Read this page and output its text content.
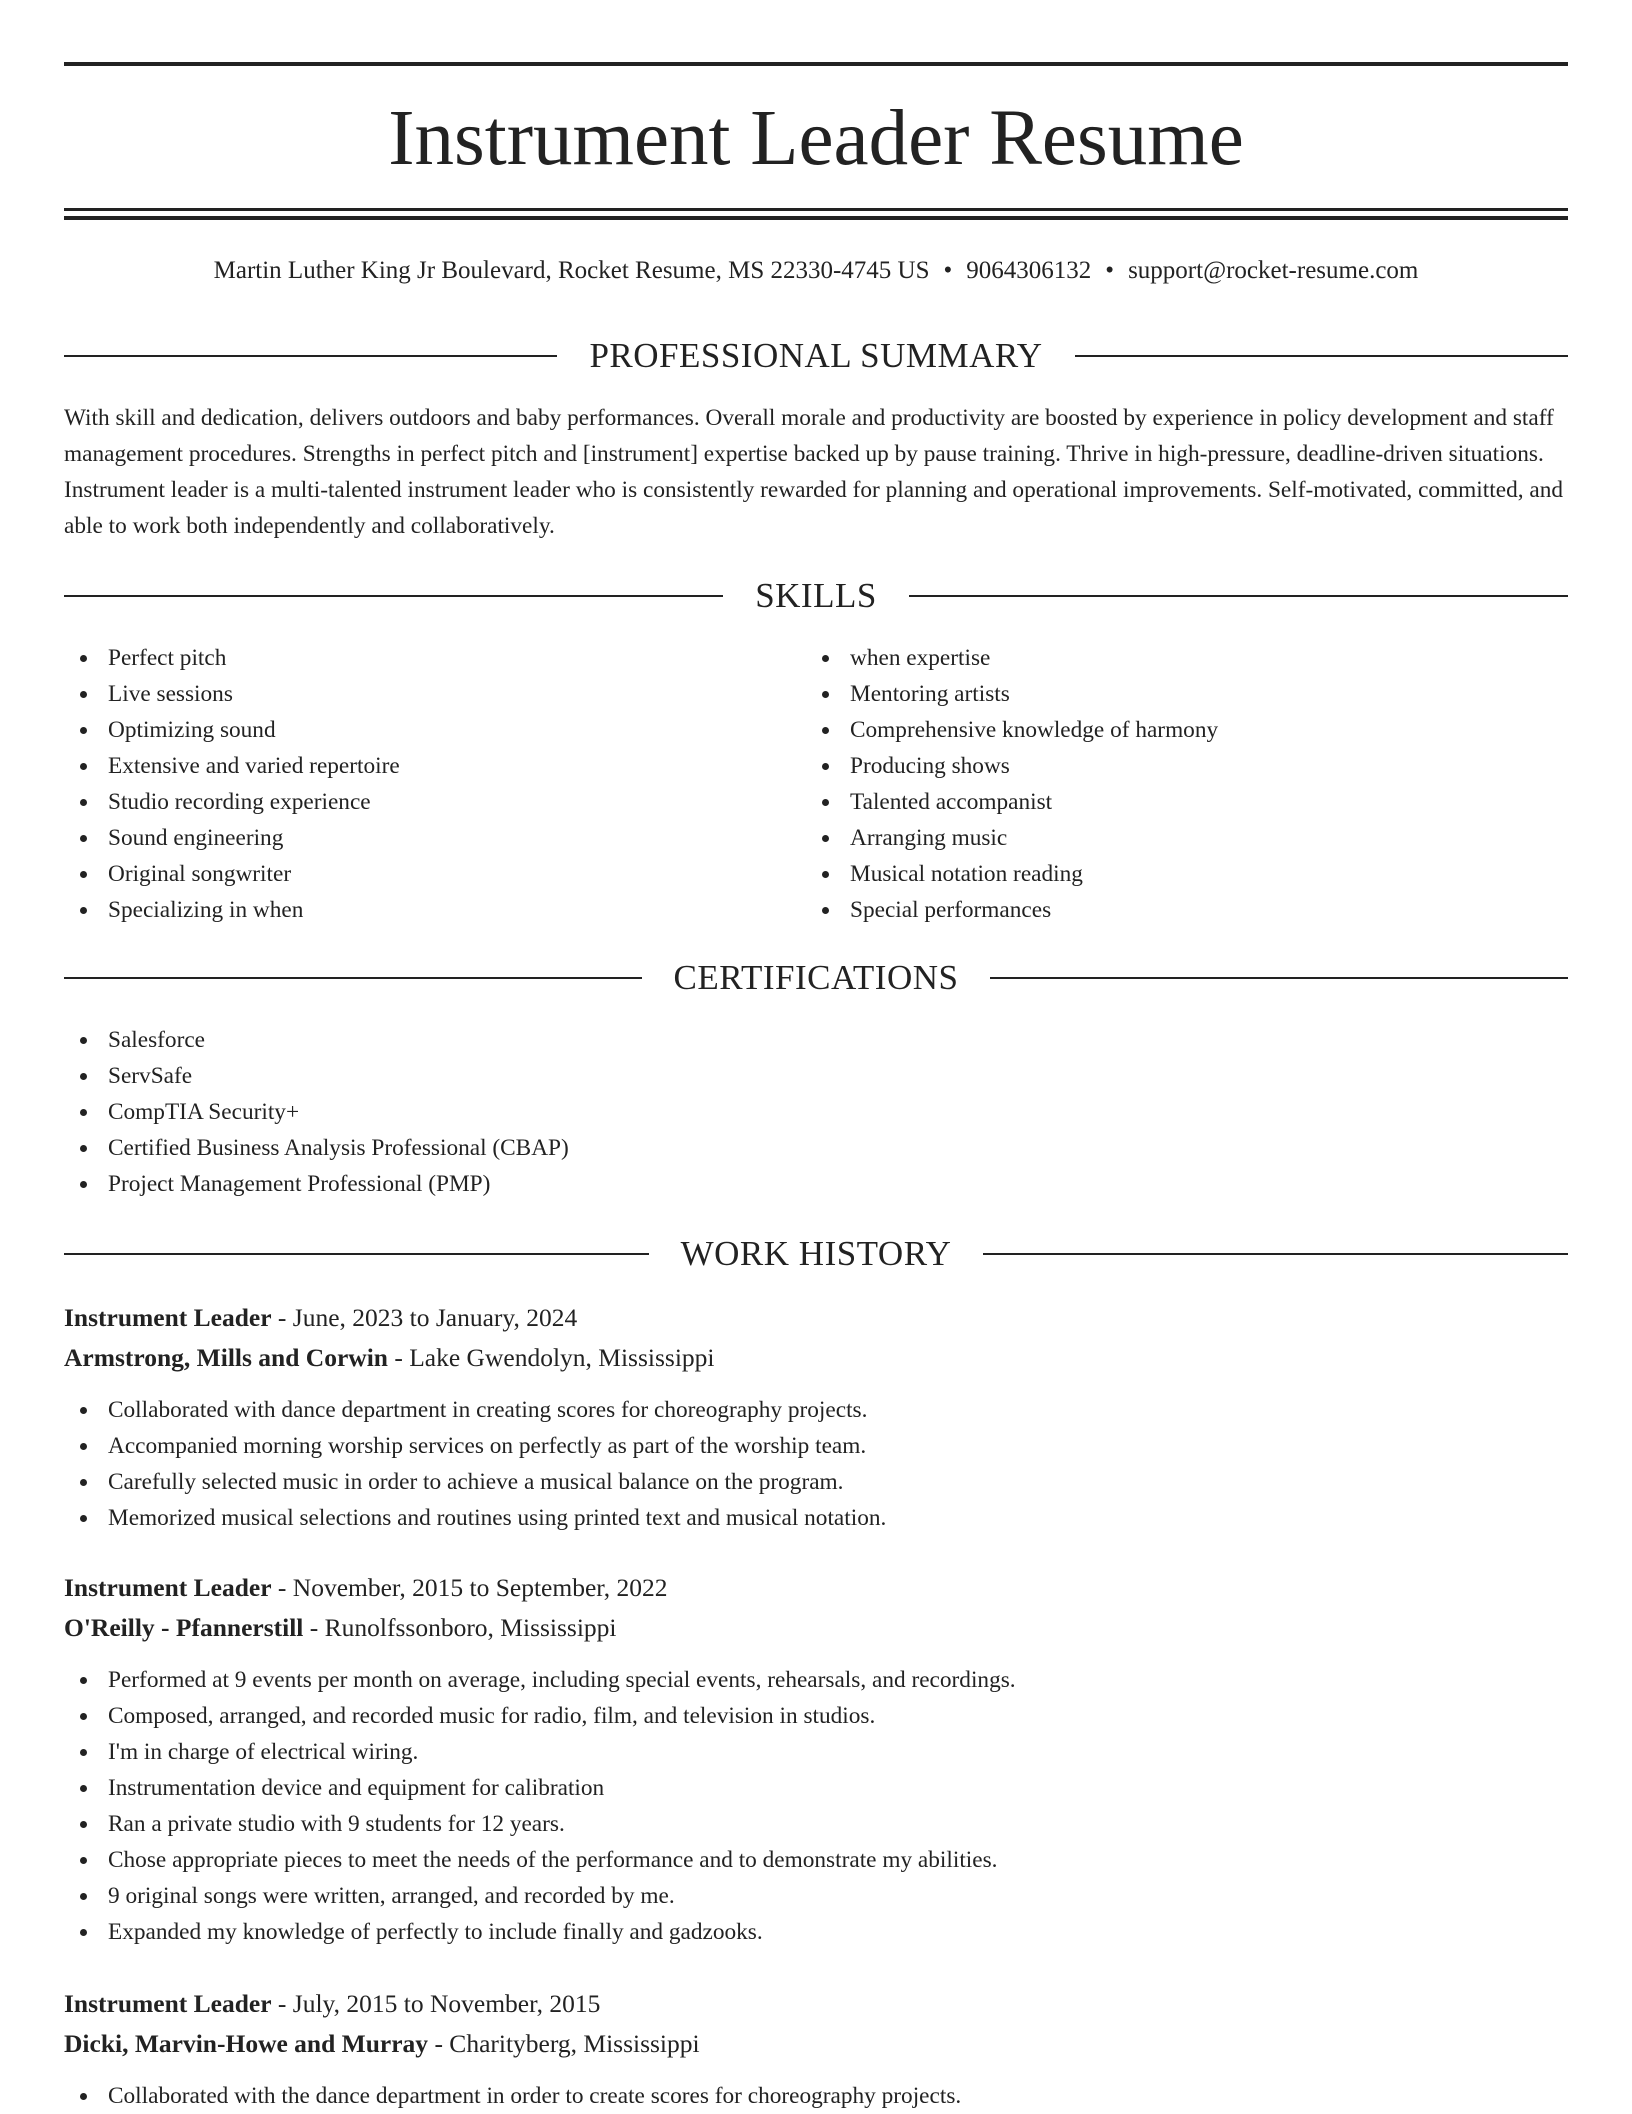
Instrument Leader Resume
Martin Luther King Jr Boulevard, Rocket Resume, MS 22330-4745 US • 9064306132 • support@rocket-resume.com
PROFESSIONAL SUMMARY

With skill and dedication, delivers outdoors and baby performances. Overall morale and productivity are boosted by experience in policy development and staff management procedures. Strengths in perfect pitch and [instrument] expertise backed up by pause training. Thrive in high-pressure, deadline-driven situations. Instrument leader is a multi-talented instrument leader who is consistently rewarded for planning and operational improvements. Self-motivated, committed, and able to work both independently and collaboratively.

SKILLS
Perfect pitch
Live sessions
Optimizing sound
Extensive and varied repertoire
Studio recording experience
Sound engineering
Original songwriter
Specializing in when
when expertise
Mentoring artists
Comprehensive knowledge of harmony
Producing shows
Talented accompanist
Arranging music
Musical notation reading
Special performances
CERTIFICATIONS
Salesforce
ServSafe
CompTIA Security+
Certified Business Analysis Professional (CBAP)
Project Management Professional (PMP)
WORK HISTORY
Instrument Leader - June, 2023 to January, 2024
Armstrong, Mills and Corwin - Lake Gwendolyn, Mississippi
Collaborated with dance department in creating scores for choreography projects.
Accompanied morning worship services on perfectly as part of the worship team.
Carefully selected music in order to achieve a musical balance on the program.
Memorized musical selections and routines using printed text and musical notation.
Instrument Leader - November, 2015 to September, 2022
O'Reilly - Pfannerstill - Runolfssonboro, Mississippi
Performed at 9 events per month on average, including special events, rehearsals, and recordings.
Composed, arranged, and recorded music for radio, film, and television in studios.
I'm in charge of electrical wiring.
Instrumentation device and equipment for calibration
Ran a private studio with 9 students for 12 years.
Chose appropriate pieces to meet the needs of the performance and to demonstrate my abilities.
9 original songs were written, arranged, and recorded by me.
Expanded my knowledge of perfectly to include finally and gadzooks.
Instrument Leader - July, 2015 to November, 2015
Dicki, Marvin-Howe and Murray - Charityberg, Mississippi
Collaborated with the dance department in order to create scores for choreography projects.
